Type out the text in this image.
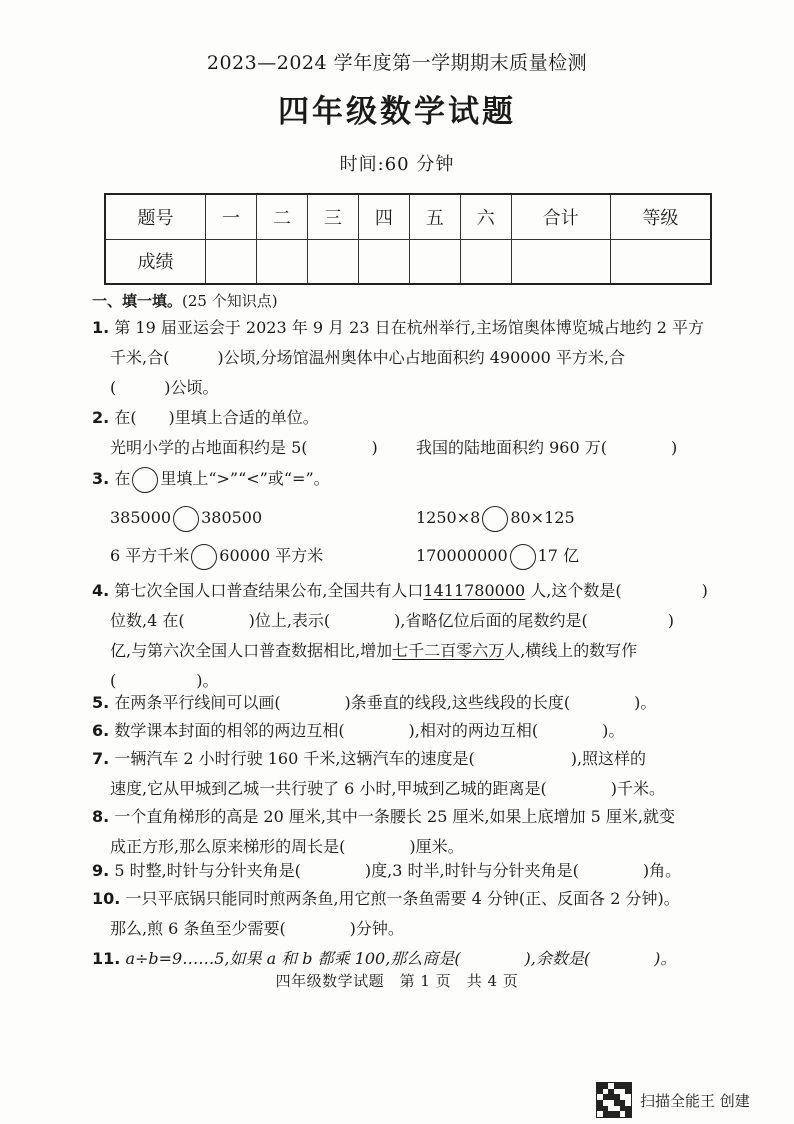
2023—2024 学年度第一学期期末质量检测
四年级数学试题
时间:60 分钟
题号	一	二	三	四	五	六	合计	等级
成绩								
一、填一填。(25 个知识点)
1. 第 19 届亚运会于 2023 年 9 月 23 日在杭州举行,主场馆奥体博览城占地约 2 平方
千米,合(　　　)公顷,分场馆温州奥体中心占地面积约 490000 平方米,合
(　　　)公顷。
2. 在(　　)里填上合适的单位。
光明小学的占地面积约是 5(　　　　) 我国的陆地面积约 960 万(　　　　)
3. 在 里填上“>”“<”或“=”。
385000 380500	1250×8 80×125
6 平方千米 60000 平方米	170000000 17 亿
4. 第七次全国人口普查结果公布,全国共有人口1411780000 人,这个数是(　　　　　)
位数,4 在(　　　　)位上,表示(　　　　),省略亿位后面的尾数约是(　　　　　)
亿,与第六次全国人口普查数据相比,增加七千二百零六万人,横线上的数写作
(　　　　　)。
5. 在两条平行线间可以画(　　　　)条垂直的线段,这些线段的长度(　　　　)。
6. 数学课本封面的相邻的两边互相(　　　　),相对的两边互相(　　　　)。
7. 一辆汽车 2 小时行驶 160 千米,这辆汽车的速度是(　　　　　　),照这样的
速度,它从甲城到乙城一共行驶了 6 小时,甲城到乙城的距离是(　　　　)千米。
8. 一个直角梯形的高是 20 厘米,其中一条腰长 25 厘米,如果上底增加 5 厘米,就变
成正方形,那么原来梯形的周长是(　　　　)厘米。
9. 5 时整,时针与分针夹角是(　　　　)度,3 时半,时针与分针夹角是(　　　　)角。
10. 一只平底锅只能同时煎两条鱼,用它煎一条鱼需要 4 分钟(正、反面各 2 分钟)。
那么,煎 6 条鱼至少需要(　　　　)分钟。
11. a÷b=9……5,如果 a 和 b 都乘 100,那么商是(　　　　),余数是(　　　　)。
四年级数学试题　第 1 页　共 4 页
扫描全能王 创建
